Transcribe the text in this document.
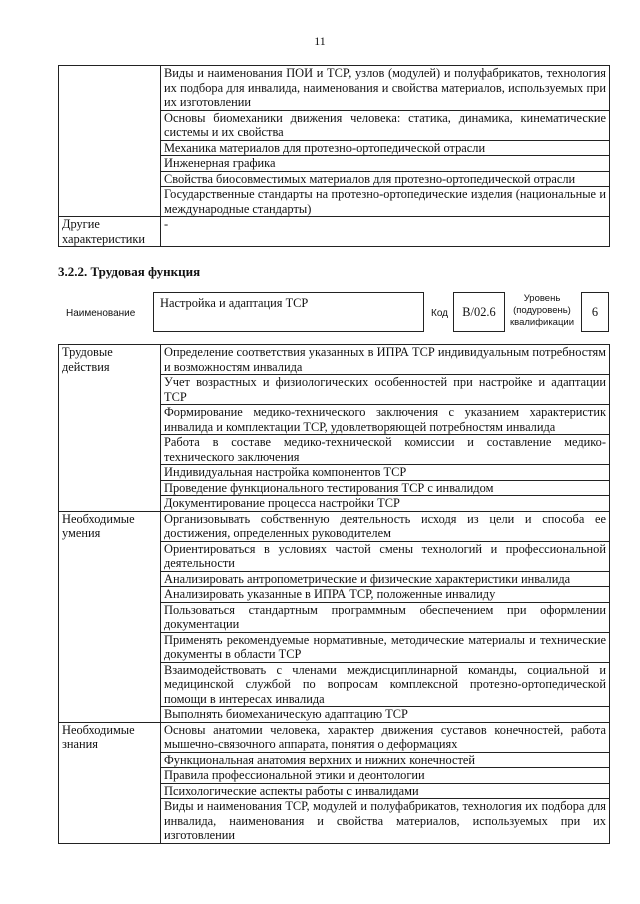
11
	Виды и наименования ПОИ и ТСР, узлов (модулей) и полуфабрикатов, технология их подбора для инвалида, наименования и свойства материалов, используемых при их изготовлении
	Основы биомеханики движения человека: статика, динамика, кинематические системы и их свойства
	Механика материалов для протезно-ортопедической отрасли
	Инженерная графика
	Свойства биосовместимых материалов для протезно-ортопедической отрасли
	Государственные стандарты на протезно-ортопедические изделия (национальные и международные стандарты)
Другие характеристики	-
3.2.2. Трудовая функция
Наименование
Настройка и адаптация ТСР
Код	B/02.6
Уровень (подуровень) квалификации
6
Трудовые действия	Определение соответствия указанных в ИПРА ТСР индивидуальным потребностям и возможностям инвалида
	Учет возрастных и физиологических особенностей при настройке и адаптации ТСР
	Формирование медико-технического заключения с указанием характеристик инвалида и комплектации ТСР, удовлетворяющей потребностям инвалида
	Работа в составе медико-технической комиссии и составление медико-технического заключения
	Индивидуальная настройка компонентов ТСР
	Проведение функционального тестирования ТСР с инвалидом
	Документирование процесса настройки ТСР
Необходимые умения	Организовывать собственную деятельность исходя из цели и способа ее достижения, определенных руководителем
	Ориентироваться в условиях частой смены технологий и профессиональной деятельности
	Анализировать антропометрические и физические характеристики инвалида
	Анализировать указанные в ИПРА ТСР, положенные инвалиду
	Пользоваться стандартным программным обеспечением при оформлении документации
	Применять рекомендуемые нормативные, методические материалы и технические документы в области ТСР
	Взаимодействовать с членами междисциплинарной команды, социальной и медицинской службой по вопросам комплексной протезно-ортопедической помощи в интересах инвалида
	Выполнять биомеханическую адаптацию ТСР
Необходимые знания	Основы анатомии человека, характер движения суставов конечностей, работа мышечно-связочного аппарата, понятия о деформациях
	Функциональная анатомия верхних и нижних конечностей
	Правила профессиональной этики и деонтологии
	Психологические аспекты работы с инвалидами
	Виды и наименования ТСР, модулей и полуфабрикатов, технология их подбора для инвалида, наименования и свойства материалов, используемых при их изготовлении
